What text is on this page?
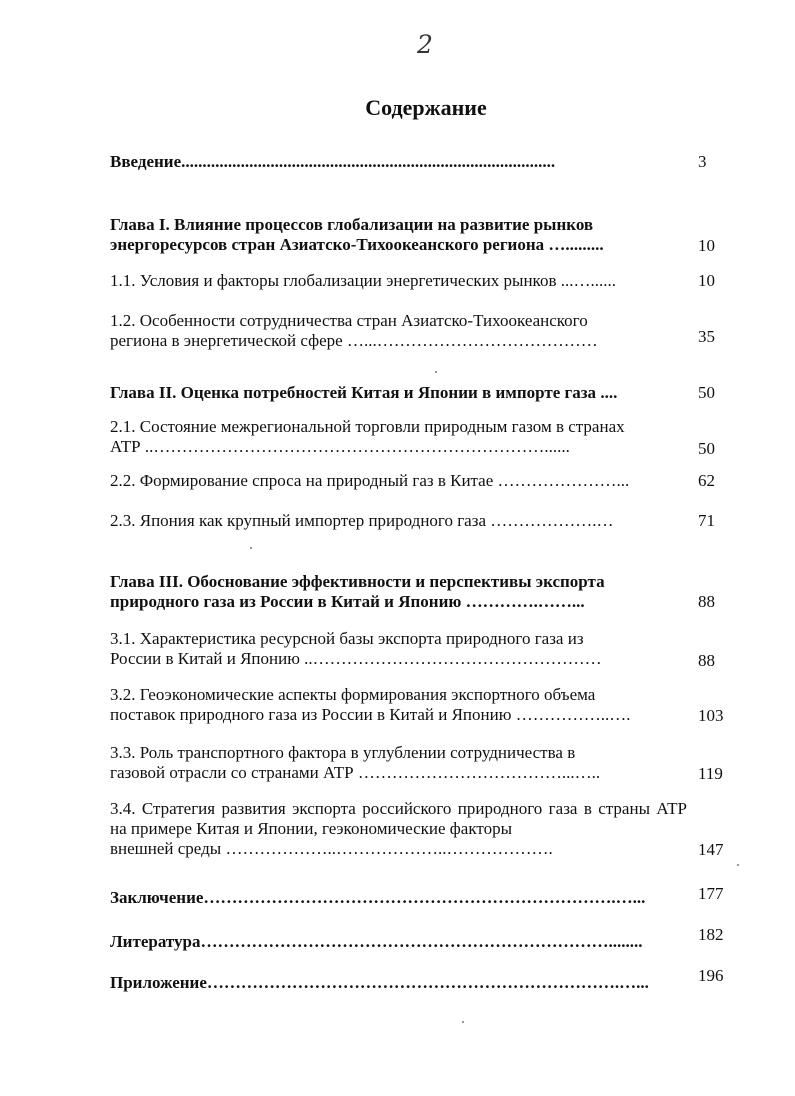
2
Содержание
Введение........................................................................................	3
Глава I. Влияние процессов глобализации на развитие рынков
энергоресурсов стран Азиатско-Тихоокеанского региона ….........	10
1.1. Условия и факторы глобализации энергетических рынков ...…......	10
1.2. Особенности сотрудничества стран Азиатско-Тихоокеанского
региона в энергетической сфере …...…………………………………	35
Глава II. Оценка потребностей Китая и Японии в импорте газа ....	50
2.1. Состояние межрегиональной торговли природным газом в странах
АТР ..……………………………………………………………......	50
2.2. Формирование спроса на природный газ в Китае …………………...	62
2.3. Япония как крупный импортер природного газа ……………….…	71
Глава III. Обоснование эффективности и перспективы экспорта
природного газа из России в Китай и Японию ………….……...	88
3.1. Характеристика ресурсной базы экспорта природного газа из
России в Китай и Японию ..……………………………………………	88
3.2. Геоэкономические аспекты формирования экспортного объема
поставок природного газа из России в Китай и Японию ……………..….	103
3.3. Роль транспортного фактора в углублении сотрудничества в
газовой отрасли со странами АТР ………………………………...…..	119
3.4. Стратегия развития экспорта российского природного газа в страны АТР на примере Китая и Японии, геэкономические факторы
внешней среды ………………..………………..……………….	147
Заключение……………………………………………………………….…...	177
Литература………………………………………………………………........	182
Приложение……………………………………………………………….…...	196
